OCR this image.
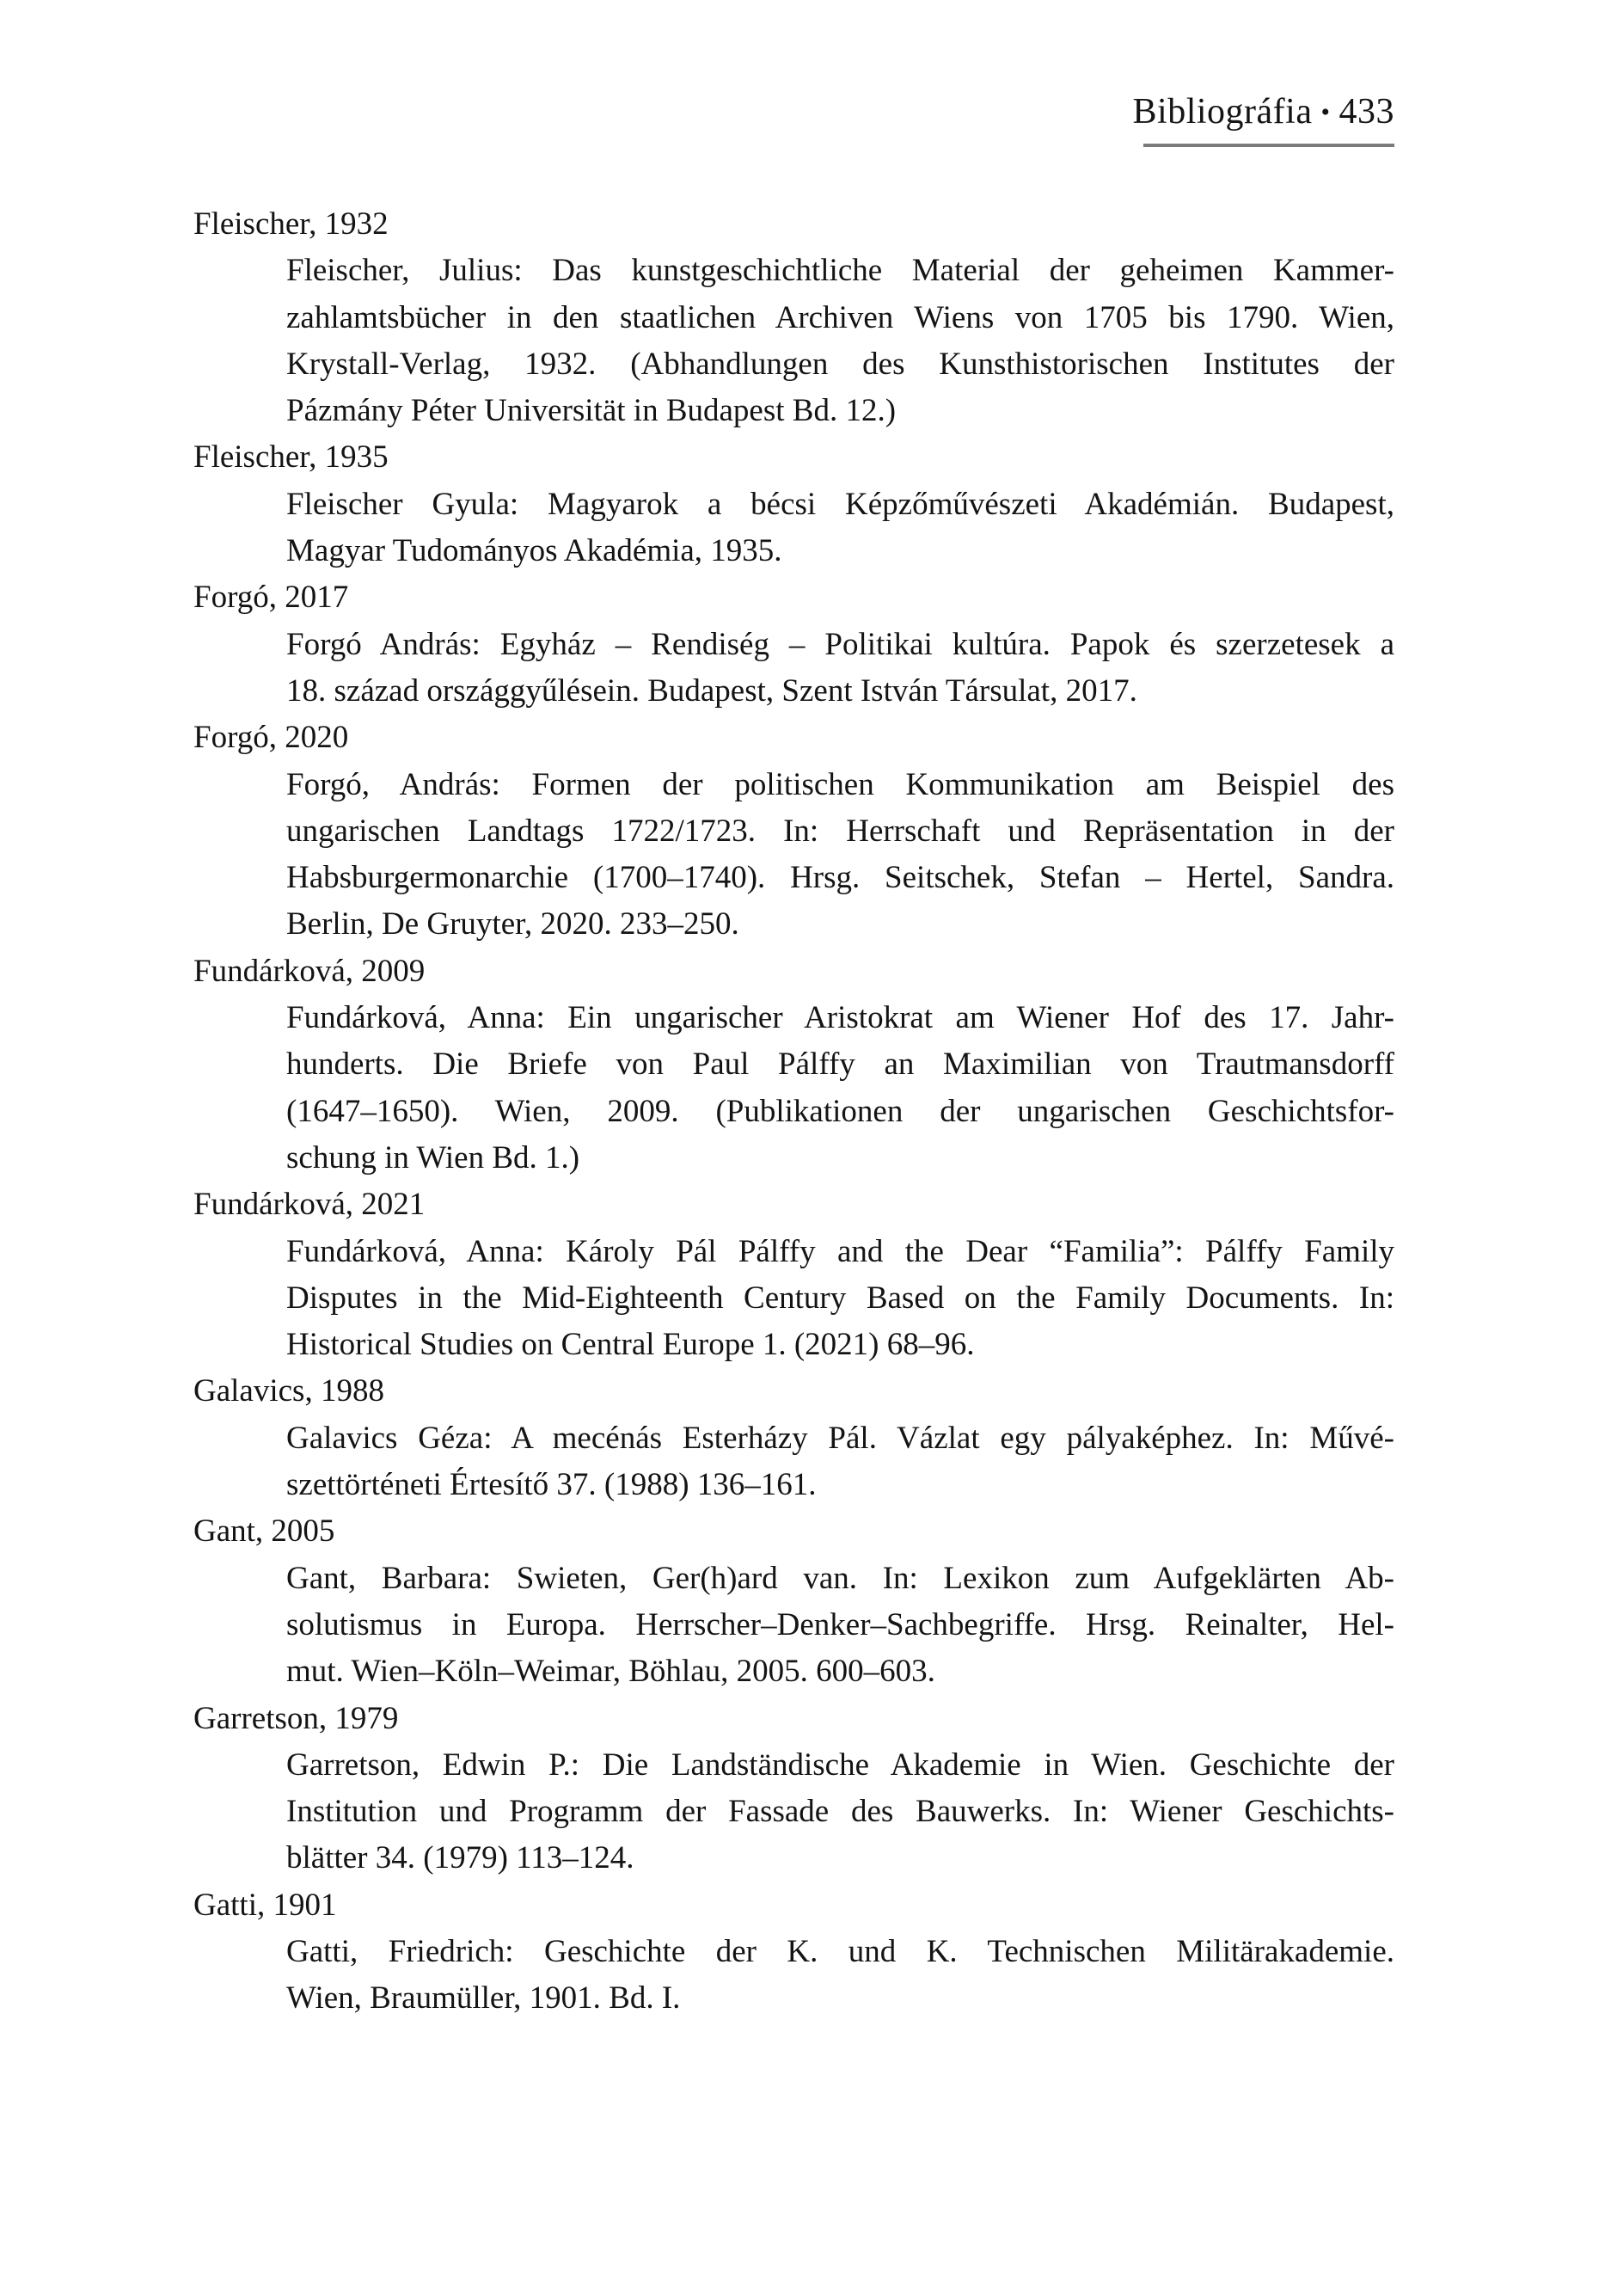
Bibliográfia • 433
Fleischer, 1932
Fleischer, Julius: Das kunstgeschichtliche Material der geheimen Kammer-
zahlamtsbücher in den staatlichen Archiven Wiens von 1705 bis 1790. Wien,
Krystall-Verlag, 1932. (Abhandlungen des Kunsthistorischen Institutes der
Pázmány Péter Universität in Budapest Bd. 12.)
Fleischer, 1935
Fleischer Gyula: Magyarok a bécsi Képzőművészeti Akadémián. Budapest,
Magyar Tudományos Akadémia, 1935.
Forgó, 2017
Forgó András: Egyház – Rendiség – Politikai kultúra. Papok és szerzetesek a
18. század országgyűlésein. Budapest, Szent István Társulat, 2017.
Forgó, 2020
Forgó, András: Formen der politischen Kommunikation am Beispiel des
ungarischen Landtags 1722/1723. In: Herrschaft und Repräsentation in der
Habsburgermonarchie (1700–1740). Hrsg. Seitschek, Stefan – Hertel, Sandra.
Berlin, De Gruyter, 2020. 233–250.
Fundárková, 2009
Fundárková, Anna: Ein ungarischer Aristokrat am Wiener Hof des 17. Jahr-
hunderts. Die Briefe von Paul Pálffy an Maximilian von Trautmansdorff
(1647–1650). Wien, 2009. (Publikationen der ungarischen Geschichtsfor-
schung in Wien Bd. 1.)
Fundárková, 2021
Fundárková, Anna: Károly Pál Pálffy and the Dear “Familia”: Pálffy Family
Disputes in the Mid-Eighteenth Century Based on the Family Documents. In:
Historical Studies on Central Europe 1. (2021) 68–96.
Galavics, 1988
Galavics Géza: A mecénás Esterházy Pál. Vázlat egy pályaképhez. In: Művé-
szettörténeti Értesítő 37. (1988) 136–161.
Gant, 2005
Gant, Barbara: Swieten, Ger(h)ard van. In: Lexikon zum Aufgeklärten Ab-
solutismus in Europa. Herrscher–Denker–Sachbegriffe. Hrsg. Reinalter, Hel-
mut. Wien–Köln–Weimar, Böhlau, 2005. 600–603.
Garretson, 1979
Garretson, Edwin P.: Die Landständische Akademie in Wien. Geschichte der
Institution und Programm der Fassade des Bauwerks. In: Wiener Geschichts-
blätter 34. (1979) 113–124.
Gatti, 1901
Gatti, Friedrich: Geschichte der K. und K. Technischen Militärakademie.
Wien, Braumüller, 1901. Bd. I.
